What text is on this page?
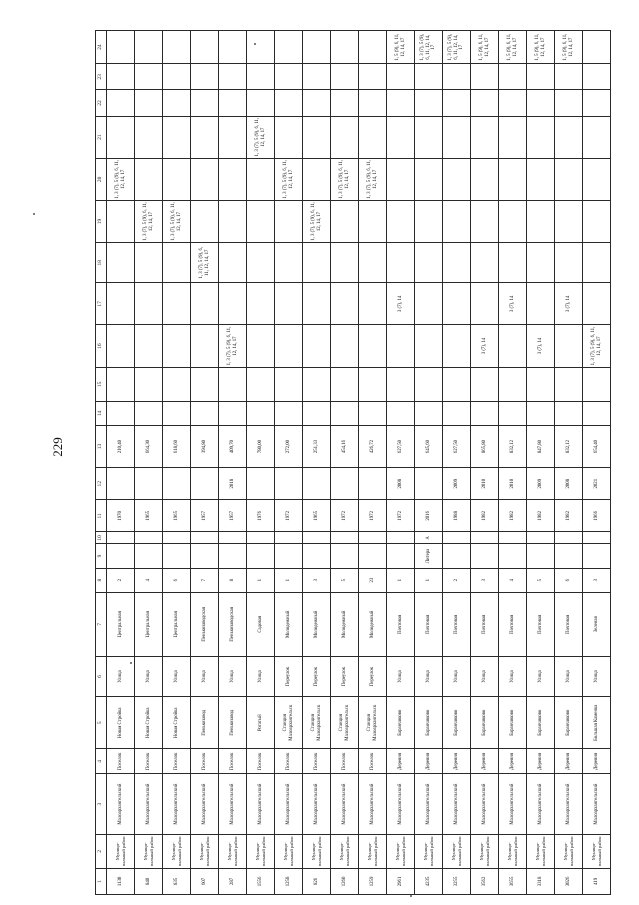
229
1	2	3	4	5	6	7	8	9	10	11	12	13	14	15	16	17	18	19	20	21	22	23	24
1130	Муници-пальный район	Малоархангельский	Поселок	Новая Стройка	Улица	Центральная	2			1970		210,40							1, 3 (7), 5 (9), 6, 11, 12, 14, 17				
840	Муници-пальный район	Малоархангельский	Поселок	Новая Стройка	Улица	Центральная	4			1965		664,30						1, 3 (7), 5 (9), 6, 11, 12, 14, 17					
835	Муници-пальный район	Малоархангельский	Поселок	Новая Стройка	Улица	Центральная	6			1965		618,60						1, 3 (7), 5 (9), 6, 11, 12, 14, 17					
607	Муници-пальный район	Малоархангельский	Поселок	Пенькозавод	Улица	Пенькозаводская	7			1957		394,80					1, 3 (7), 5 (9), 6, 11, 12, 14, 17						
287	Муници-пальный район	Малоархангельский	Поселок	Пенькозавод	Улица	Пенькозаводская	8			1957	2018	409,70			1, 3 (7), 5 (9), 6, 11, 12, 14, 17								
1556	Муници-пальный район	Малоархангельский	Поселок	Рогатый	Улица	Садовая	1			1976		780,00								1, 3 (7), 5 (9), 6, 11, 12, 14, 17			
1258	Муници-пальный район	Малоархангельский	Поселок	Станция Малоархангельск	Переулок	Молодежный	1			1972		272,00							1, 3 (7), 5 (9), 6, 11, 12, 14, 17				
826	Муници-пальный район	Малоархангельский	Поселок	Станция Малоархангельск	Переулок	Молодежный	3			1965		251,33						1, 3 (7), 5 (9), 6, 11, 12, 14, 17					
1260	Муници-пальный район	Малоархангельский	Поселок	Станция Малоархангельск	Переулок	Молодежный	5			1972		454,16							1, 3 (7), 5 (9), 6, 11, 12, 14, 17				
1259	Муници-пальный район	Малоархангельский	Поселок	Станция Малоархангельск	Переулок	Молодежный	23			1972		426,72							1, 3 (7), 5 (9), 6, 11, 12, 14, 17				
2961	Муници-пальный район	Малоархангельский	Деревня	Баранчиково	Улица	Почтовая	1			1972	2008	627,50				3 (7), 14							1, 5 (9), 6, 11, 12, 14, 17
4235	Муници-пальный район	Малоархангельский	Деревня	Баранчиково	Улица	Почтовая	1	Литера	А	2016		645,60											1, 3 (7), 5 (9), 6, 11, 12, 14, 17
3255	Муници-пальный район	Малоархангельский	Деревня	Баранчиково	Улица	Почтовая	2			1988	2009	627,50											1, 3 (7), 5 (9), 6, 11, 12, 14, 17
3562	Муници-пальный район	Малоархангельский	Деревня	Баранчиково	Улица	Почтовая	3			1982	2010	865,80			3 (7), 14								1, 5 (9), 6, 11, 12, 14, 17
3655	Муници-пальный район	Малоархангельский	Деревня	Баранчиково	Улица	Почтовая	4			1982	2010	832,12				3 (7), 14							1, 5 (9), 6, 11, 12, 14, 17
3318	Муници-пальный район	Малоархангельский	Деревня	Баранчиково	Улица	Почтовая	5			1982	2009	847,80			3 (7), 14								1, 5 (9), 6, 11, 12, 14, 17
3026	Муници-пальный район	Малоархангельский	Деревня	Баранчиково	Улица	Почтовая	6			1982	2008	832,12				3 (7), 14							1, 5 (9), 6, 11, 12, 14, 17
419	Муници-пальный район	Малоархангельский	Деревня	Большая Каменка	Улица	Зеленая	3			1966	2021	654,40			1, 3 (7), 5 (9), 6, 11, 12, 14, 17								
